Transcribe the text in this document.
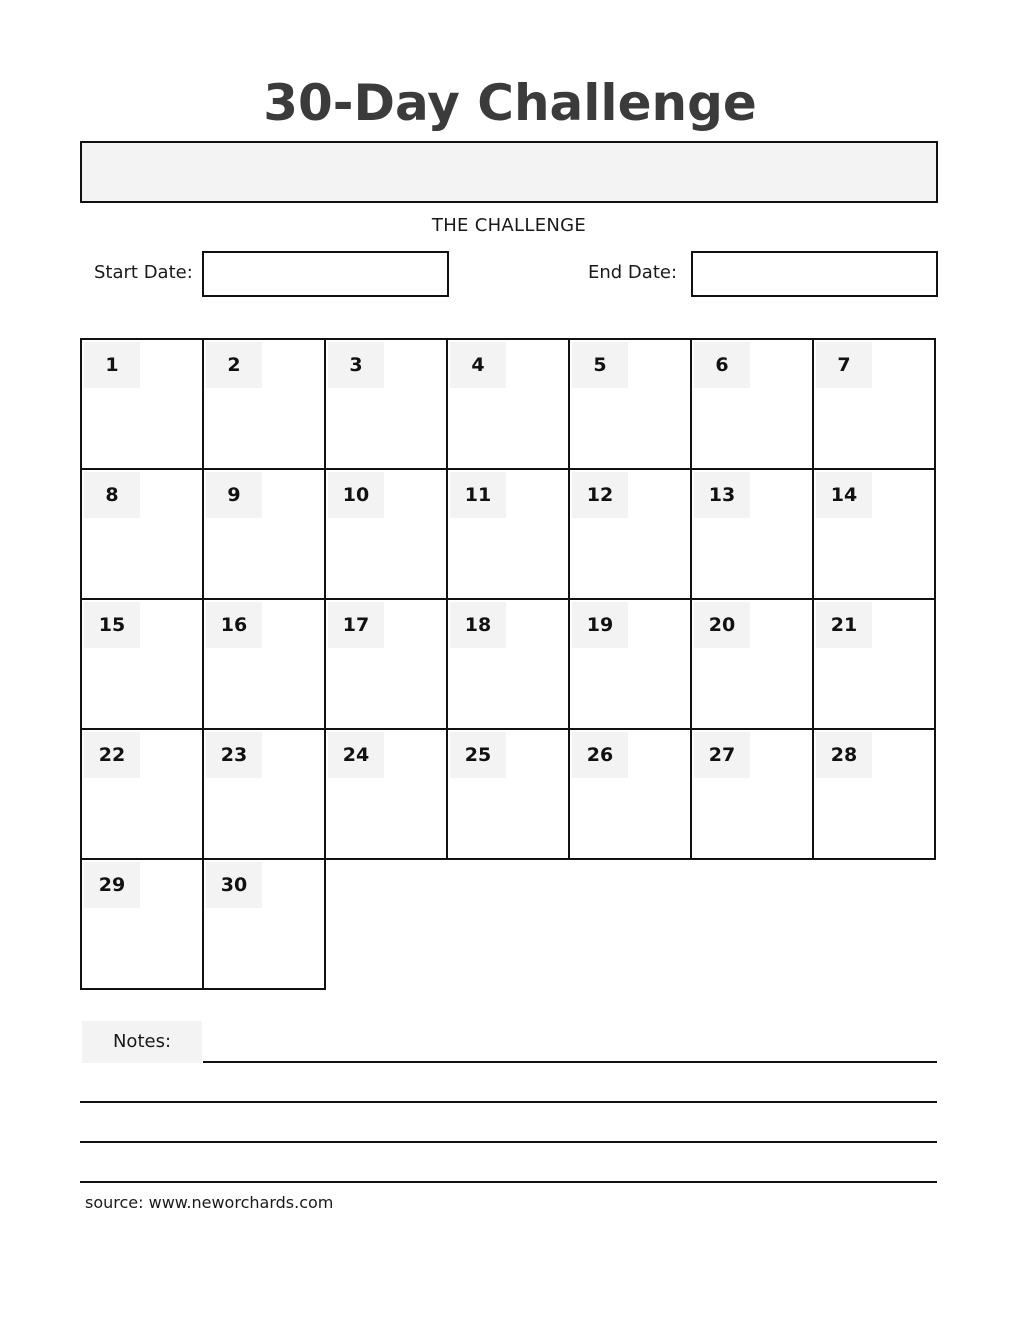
30-Day Challenge
THE CHALLENGE
Start Date:	End Date:
1	2	3	4	5	6	7
8	9	10	11	12	13	14
15	16	17	18	19	20	21
22	23	24	25	26	27	28
29	30
Notes:
source: www.neworchards.com
